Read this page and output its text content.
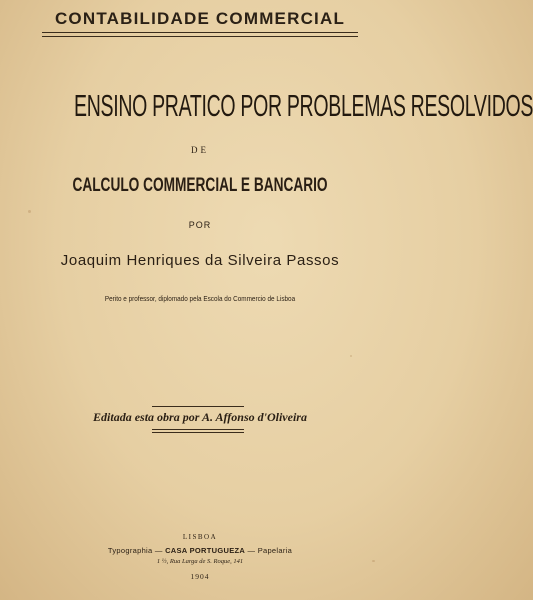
CONTABILIDADE COMMERCIAL
ENSINO PRATICO POR PROBLEMAS RESOLVIDOS
DE
CALCULO COMMERCIAL E BANCARIO
POR
Joaquim Henriques da Silveira Passos
Perito e professor, diplomado pela Escola do Commercio de Lisboa
Editada esta obra por A. Affonso d'Oliveira
LISBOA
Typographia — CASA PORTUGUEZA — Papelaria
1 ½, Rua Larga de S. Roque, 141
1904
